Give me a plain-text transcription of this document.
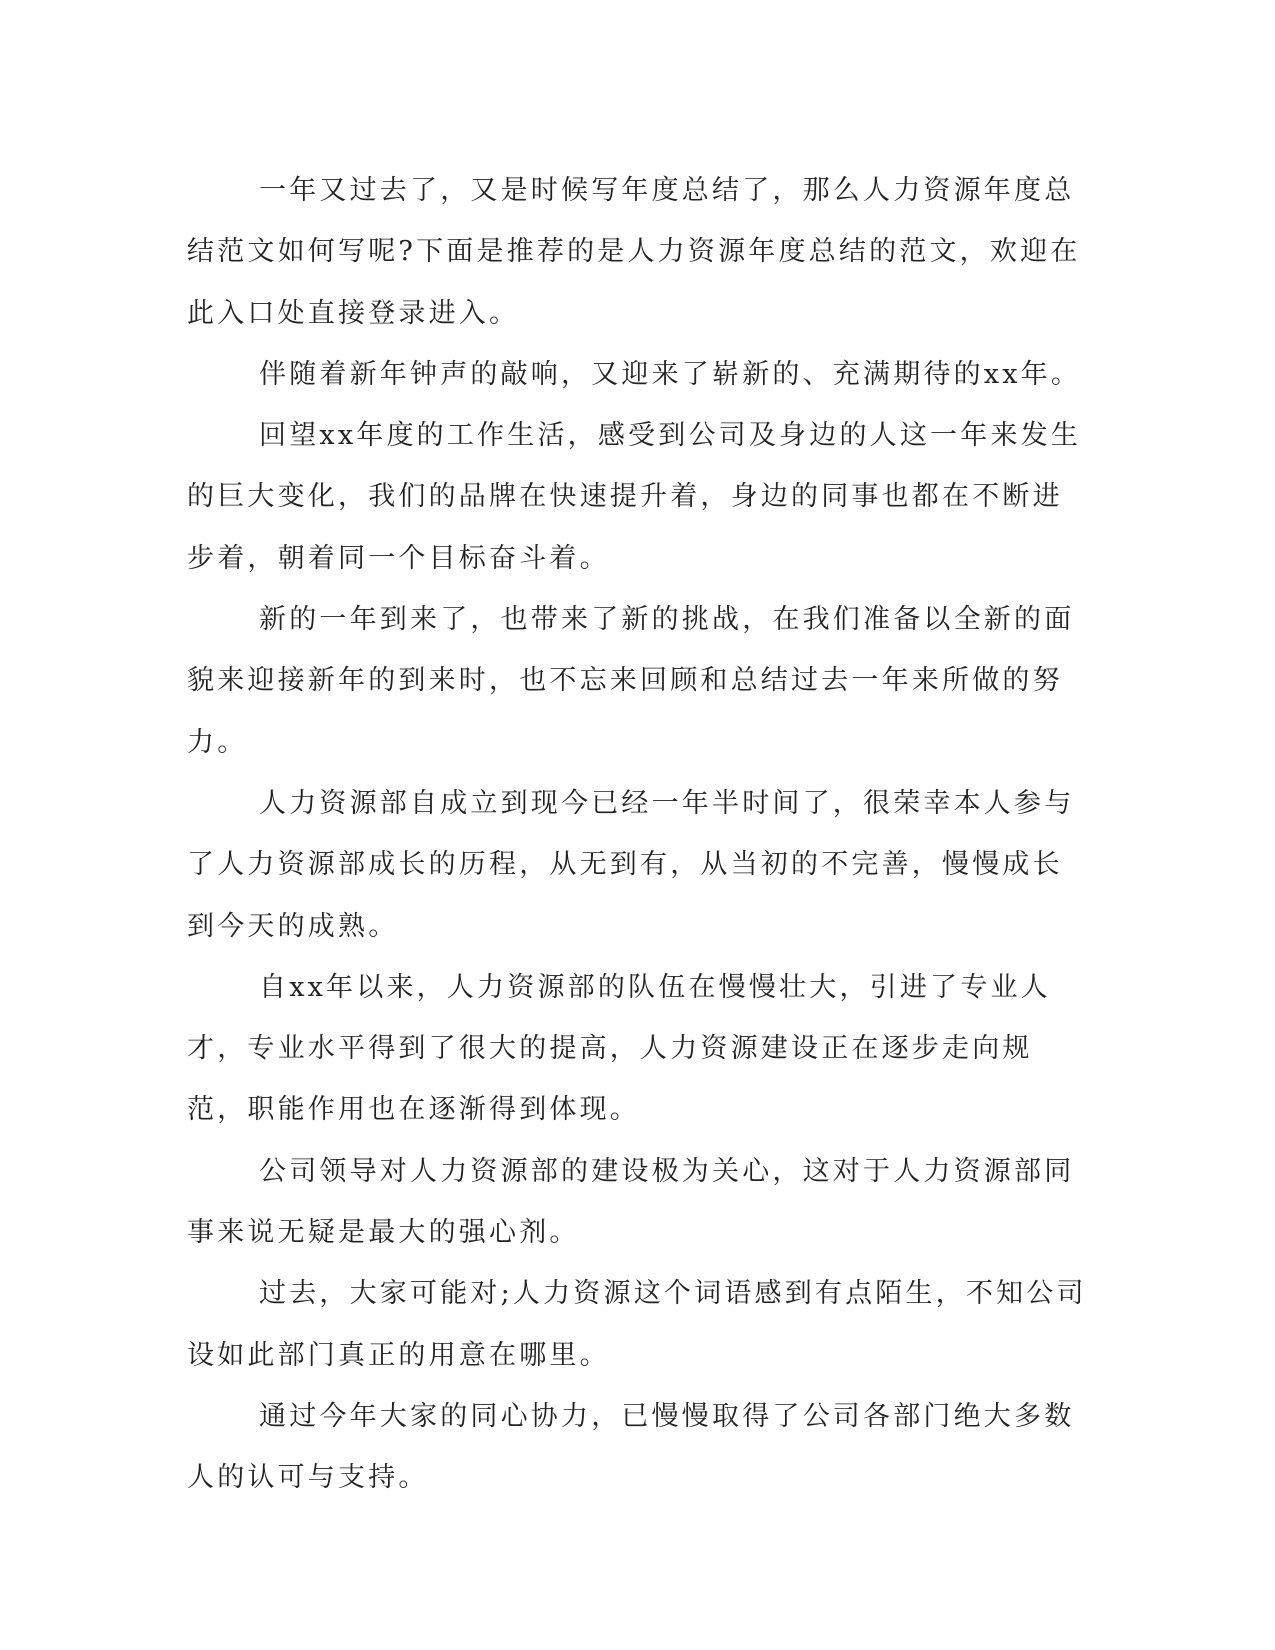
一年又过去了，又是时候写年度总结了，那么人力资源年度总结范文如何写呢?下面是推荐的是人力资源年度总结的范文，欢迎在此入口处直接登录进入。

伴随着新年钟声的敲响，又迎来了崭新的、充满期待的xx年。

回望xx年度的工作生活，感受到公司及身边的人这一年来发生的巨大变化，我们的品牌在快速提升着，身边的同事也都在不断进步着，朝着同一个目标奋斗着。

新的一年到来了，也带来了新的挑战，在我们准备以全新的面貌来迎接新年的到来时，也不忘来回顾和总结过去一年来所做的努力。

人力资源部自成立到现今已经一年半时间了，很荣幸本人参与了人力资源部成长的历程，从无到有，从当初的不完善，慢慢成长到今天的成熟。

自xx年以来，人力资源部的队伍在慢慢壮大，引进了专业人才，专业水平得到了很大的提高，人力资源建设正在逐步走向规范，职能作用也在逐渐得到体现。

公司领导对人力资源部的建设极为关心，这对于人力资源部同事来说无疑是最大的强心剂。

过去，大家可能对;人力资源这个词语感到有点陌生，不知公司设如此部门真正的用意在哪里。

通过今年大家的同心协力，已慢慢取得了公司各部门绝大多数人的认可与支持。
